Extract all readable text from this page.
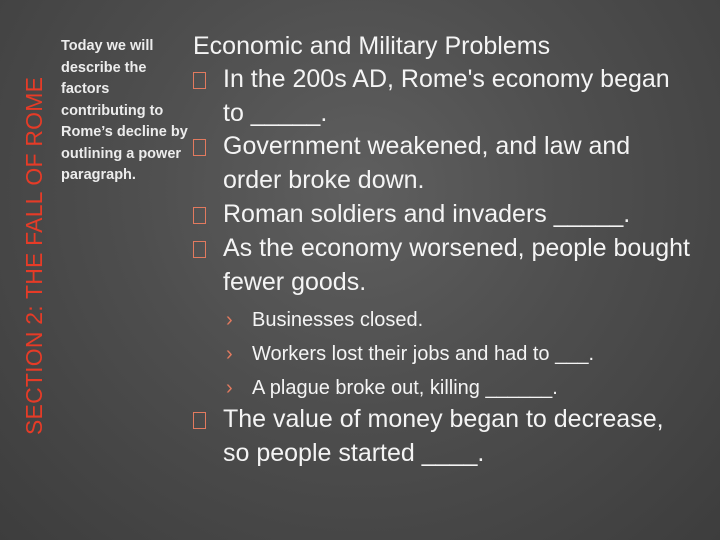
SECTION 2: THE FALL OF ROME
Today we will describe the factors contributing to Rome’s decline by outlining a power paragraph.
Economic and Military Problems
In the 200s AD, Rome's economy began to _____.
Government weakened, and law and order broke down.
Roman soldiers and invaders _____.
As the economy worsened, people bought fewer goods.
› Businesses closed.
› Workers lost their jobs and had to ___.
› A plague broke out, killing ______.
The value of money began to decrease, so people started ____.
